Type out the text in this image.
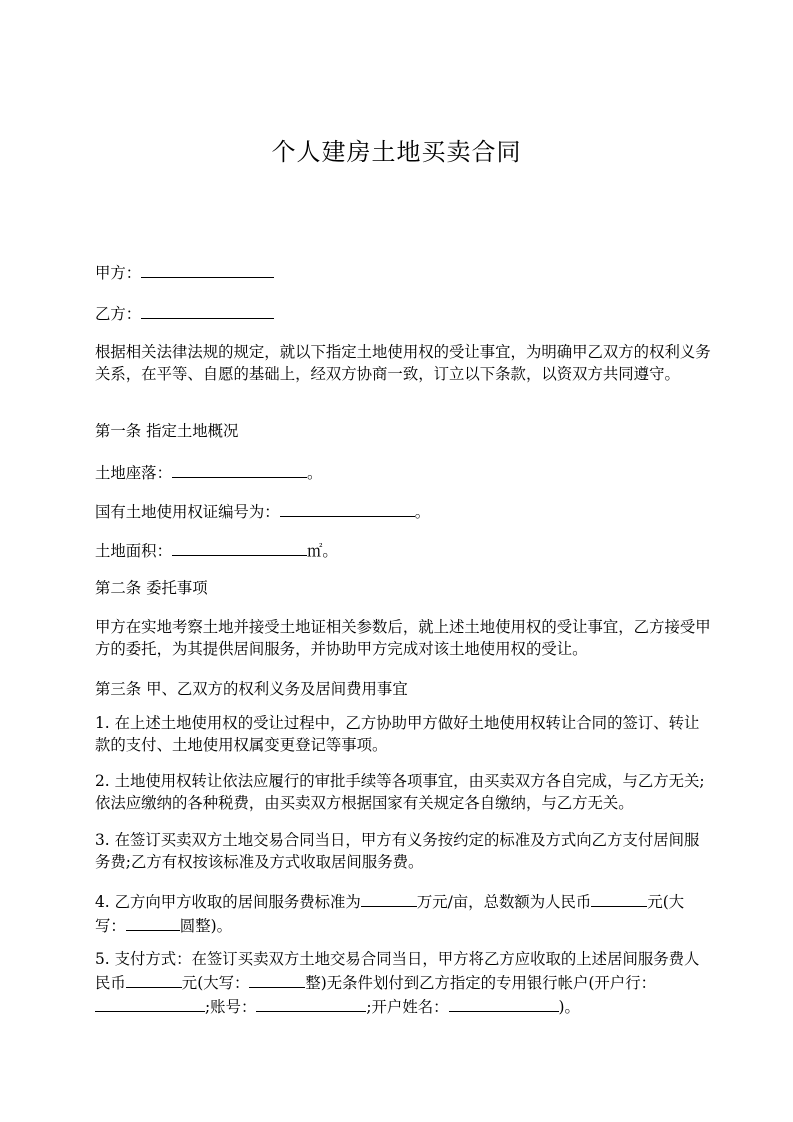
个人建房土地买卖合同

甲方：

乙方：

根据相关法律法规的规定，就以下指定土地使用权的受让事宜，为明确甲乙双方的权利义务关系，在平等、自愿的基础上，经双方协商一致，订立以下条款，以资双方共同遵守。

第一条 指定土地概况

土地座落：	。

国有土地使用权证编号为：	。

土地面积：	㎡。

第二条 委托事项

甲方在实地考察土地并接受土地证相关参数后，就上述土地使用权的受让事宜，乙方接受甲方的委托，为其提供居间服务，并协助甲方完成对该土地使用权的受让。

第三条 甲、乙双方的权利义务及居间费用事宜

1. 在上述土地使用权的受让过程中，乙方协助甲方做好土地使用权转让合同的签订、转让款的支付、土地使用权属变更登记等事项。

2. 土地使用权转让依法应履行的审批手续等各项事宜，由买卖双方各自完成，与乙方无关;依法应缴纳的各种税费，由买卖双方根据国家有关规定各自缴纳，与乙方无关。

3. 在签订买卖双方土地交易合同当日，甲方有义务按约定的标准及方式向乙方支付居间服务费;乙方有权按该标准及方式收取居间服务费。

4. 乙方向甲方收取的居间服务费标准为	万元/亩，总数额为人民币	元(大写：	圆整)。

5. 支付方式：在签订买卖双方土地交易合同当日，甲方将乙方应收取的上述居间服务费人民币	元(大写：	整)无条件划付到乙方指定的专用银行帐户(开户行：;账号：	;开户姓名：	)。
